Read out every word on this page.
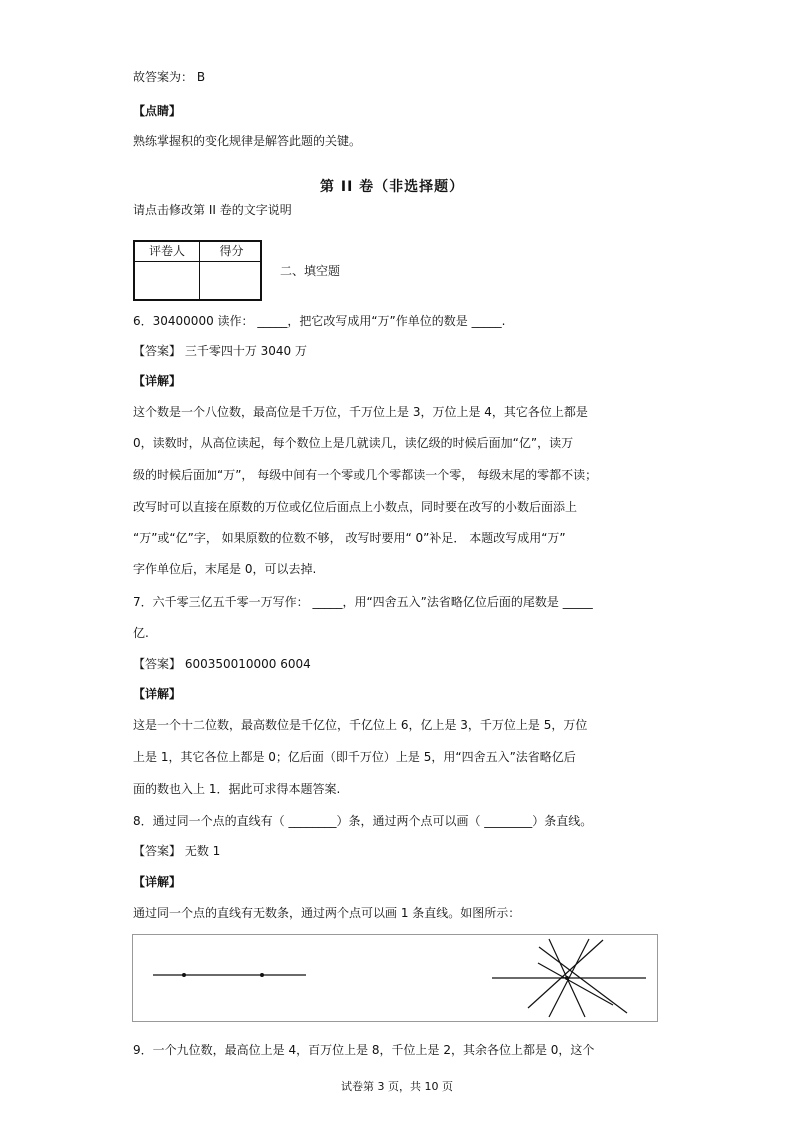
故答案为： B
【点睛】
熟练掌握积的变化规律是解答此题的关键。
第 II 卷（非选择题）
请点击修改第 II 卷的文字说明
评卷人	得分
二、填空题
6．30400000 读作： _____，把它改写成用“万”作单位的数是 _____.
【答案】 三千零四十万 3040 万
【详解】
这个数是一个八位数，最高位是千万位，千万位上是 3，万位上是 4，其它各位上都是
0，读数时，从高位读起，每个数位上是几就读几，读亿级的时候后面加“亿”，读万
级的时候后面加“万”， 每级中间有一个零或几个零都读一个零， 每级末尾的零都不读；
改写时可以直接在原数的万位或亿位后面点上小数点，同时要在改写的小数后面添上
“万”或“亿”字， 如果原数的位数不够， 改写时要用“ 0”补足． 本题改写成用“万”
字作单位后，末尾是 0，可以去掉.
7．六千零三亿五千零一万写作： _____，用“四舍五入”法省略亿位后面的尾数是 _____
亿.
【答案】 600350010000 6004
【详解】
这是一个十二位数，最高数位是千亿位，千亿位上 6，亿上是 3，千万位上是 5，万位
上是 1，其它各位上都是 0；亿后面（即千万位）上是 5，用“四舍五入”法省略亿后
面的数也入上 1．据此可求得本题答案.
8．通过同一个点的直线有（ ________）条，通过两个点可以画（ ________）条直线。
【答案】 无数 1
【详解】
通过同一个点的直线有无数条，通过两个点可以画 1 条直线。如图所示：
9．一个九位数，最高位上是 4，百万位上是 8，千位上是 2，其余各位上都是 0，这个
试卷第 3 页，共 10 页
